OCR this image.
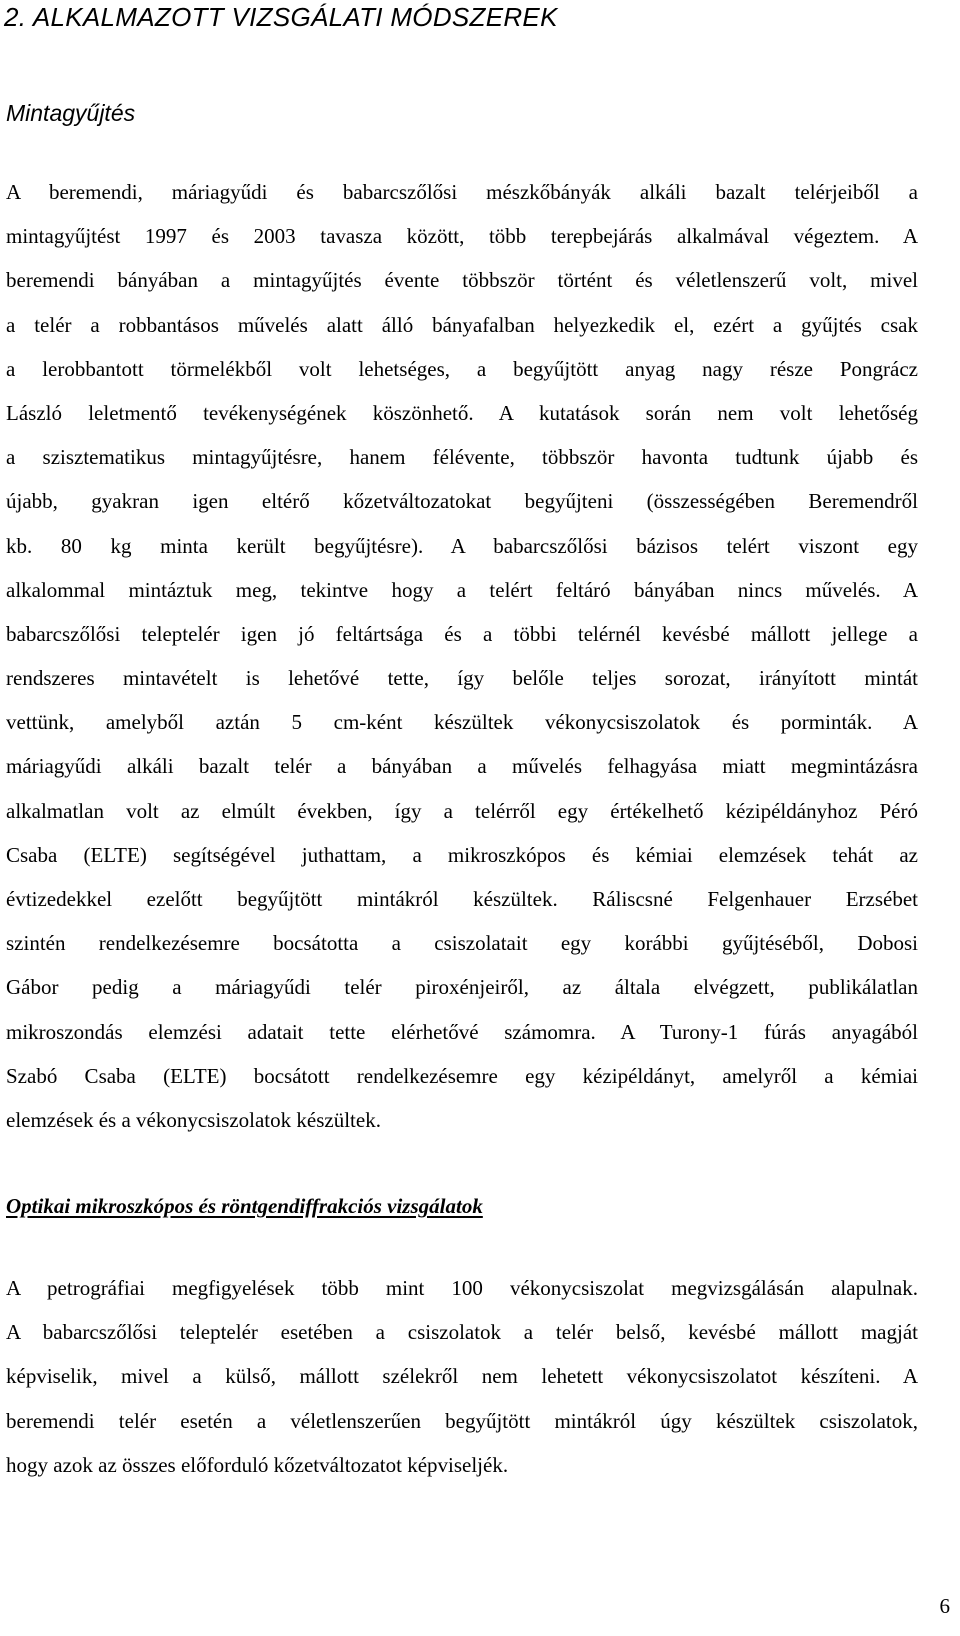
2. ALKALMAZOTT VIZSGÁLATI MÓDSZEREK
Mintagyűjtés
A beremendi, máriagyűdi és babarcszőlősi mészkőbányák alkáli bazalt telérjeiből a
mintagyűjtést 1997 és 2003 tavasza között, több terepbejárás alkalmával végeztem. A
beremendi bányában a mintagyűjtés évente többször történt és véletlenszerű volt, mivel
a telér a robbantásos művelés alatt álló bányafalban helyezkedik el, ezért a gyűjtés csak
a lerobbantott törmelékből volt lehetséges, a begyűjtött anyag nagy része Pongrácz
László leletmentő tevékenységének köszönhető. A kutatások során nem volt lehetőség
a szisztematikus mintagyűjtésre, hanem félévente, többször havonta tudtunk újabb és
újabb, gyakran igen eltérő kőzetváltozatokat begyűjteni (összességében Beremendről
kb. 80 kg minta került begyűjtésre). A babarcszőlősi bázisos telért viszont egy
alkalommal mintáztuk meg, tekintve hogy a telért feltáró bányában nincs művelés. A
babarcszőlősi teleptelér igen jó feltártsága és a többi telérnél kevésbé mállott jellege a
rendszeres mintavételt is lehetővé tette, így belőle teljes sorozat, irányított mintát
vettünk, amelyből aztán 5 cm-ként készültek vékonycsiszolatok és porminták. A
máriagyűdi alkáli bazalt telér a bányában a művelés felhagyása miatt megmintázásra
alkalmatlan volt az elmúlt években, így a telérről egy értékelhető kézipéldányhoz Péró
Csaba (ELTE) segítségével juthattam, a mikroszkópos és kémiai elemzések tehát az
évtizedekkel ezelőtt begyűjtött mintákról készültek. Ráliscsné Felgenhauer Erzsébet
szintén rendelkezésemre bocsátotta a csiszolatait egy korábbi gyűjtéséből, Dobosi
Gábor pedig a máriagyűdi telér piroxénjeiről, az általa elvégzett, publikálatlan
mikroszondás elemzési adatait tette elérhetővé számomra. A Turony-1 fúrás anyagából
Szabó Csaba (ELTE) bocsátott rendelkezésemre egy kézipéldányt, amelyről a kémiai
elemzések és a vékonycsiszolatok készültek.
Optikai mikroszkópos és röntgendiffrakciós vizsgálatok
A petrográfiai megfigyelések több mint 100 vékonycsiszolat megvizsgálásán alapulnak.
A babarcszőlősi teleptelér esetében a csiszolatok a telér belső, kevésbé mállott magját
képviselik, mivel a külső, mállott szélekről nem lehetett vékonycsiszolatot készíteni. A
beremendi telér esetén a véletlenszerűen begyűjtött mintákról úgy készültek csiszolatok,
hogy azok az összes előforduló kőzetváltozatot képviseljék.
6
